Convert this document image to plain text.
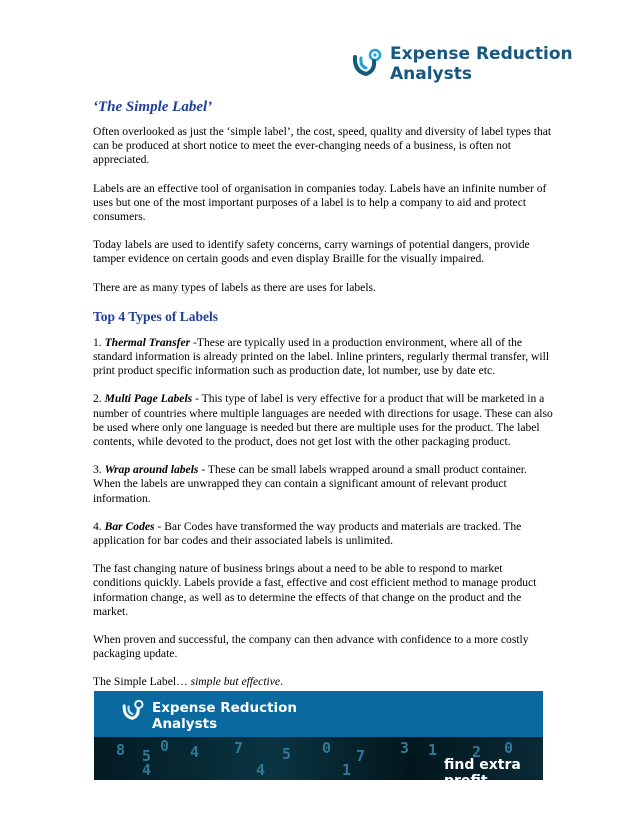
Expense Reduction
Analysts
‘The Simple Label’

Often overlooked as just the ‘simple label’, the cost, speed, quality and diversity of label types that can be produced at short notice to meet the ever-changing needs of a business, is often not appreciated.

Labels are an effective tool of organisation in companies today. Labels have an infinite number of uses but one of the most important purposes of a label is to help a company to aid and protect consumers.

Today labels are used to identify safety concerns, carry warnings of potential dangers, provide tamper evidence on certain goods and even display Braille for the visually impaired.

There are as many types of labels as there are uses for labels.

Top 4 Types of Labels

1. Thermal Transfer -These are typically used in a production environment, where all of the standard information is already printed on the label. Inline printers, regularly thermal transfer, will print product specific information such as production date, lot number, use by date etc.

2. Multi Page Labels - This type of label is very effective for a product that will be marketed in a number of countries where multiple languages are needed with directions for usage. These can also be used where only one language is needed but there are multiple uses for the product. The label contents, while devoted to the product, does not get lost with the other packaging product.

3. Wrap around labels - These can be small labels wrapped around a small product container. When the labels are unwrapped they can contain a significant amount of relevant product information.

4. Bar Codes - Bar Codes have transformed the way products and materials are tracked. The application for bar codes and their associated labels is unlimited.

The fast changing nature of business brings about a need to be able to respond to market conditions quickly. Labels provide a fast, effective and cost efficient method to manage product information change, as well as to determine the effects of that change on the product and the market.

When proven and successful, the company can then advance with confidence to a more costly packaging update.

The Simple Label… simple but effective.

8 5
0 4
4
7 5 0 7 3 1 2 0
4	1
Expense Reduction
Analysts
find extra profit
